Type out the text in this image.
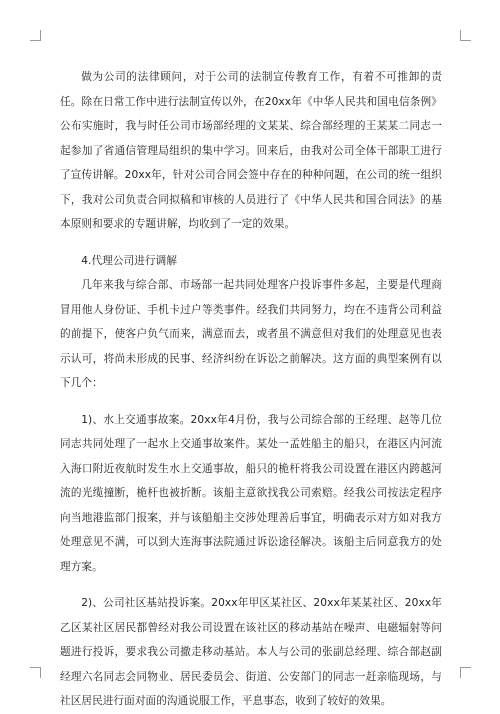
做为公司的法律顾问，对于公司的法制宣传教育工作，有着不可推卸的责任。除在日常工作中进行法制宣传以外，在20xx年《中华人民共和国电信条例》公布实施时，我与时任公司市场部经理的文某某、综合部经理的王某某二同志一起参加了省通信管理局组织的集中学习。回来后，由我对公司全体干部职工进行了宣传讲解。20xx年，针对公司合同会签中存在的种种问题，在公司的统一组织下，我对公司负责合同拟稿和审核的人员进行了《中华人民共和国合同法》的基本原则和要求的专题讲解，均收到了一定的效果。

4.代理公司进行调解

几年来我与综合部、市场部一起共同处理客户投诉事件多起，主要是代理商冒用他人身份证、手机卡过户等类事件。经我们共同努力，均在不违背公司利益的前提下，使客户负气而来，满意而去，或者虽不满意但对我们的处理意见也表示认可，将尚未形成的民事、经济纠纷在诉讼之前解决。这方面的典型案例有以下几个：

1)、水上交通事故案。20xx年4月份，我与公司综合部的王经理、赵等几位同志共同处理了一起水上交通事故案件。某处一孟姓船主的船只，在港区内河流入海口附近夜航时发生水上交通事故，船只的桅杆将我公司设置在港区内跨越河流的光缆撞断，桅杆也被折断。该船主意欲找我公司索赔。经我公司按法定程序向当地港监部门报案，并与该船船主交涉处理善后事宜，明确表示对方如对我方处理意见不满，可以到大连海事法院通过诉讼途径解决。该船主后同意我方的处理方案。

2)、公司社区基站投诉案。20xx年甲区某社区、20xx年某某社区、20xx年乙区某社区居民都曾经对我公司设置在该社区的移动基站在噪声、电磁辐射等问题进行投诉，要求我公司撤走移动基站。本人与公司的张副总经理、综合部赵副经理六名同志会同物业、居民委员会、街道、公安部门的同志一赶亲临现场，与社区居民进行面对面的沟通说服工作，平息事态，收到了较好的效果。
